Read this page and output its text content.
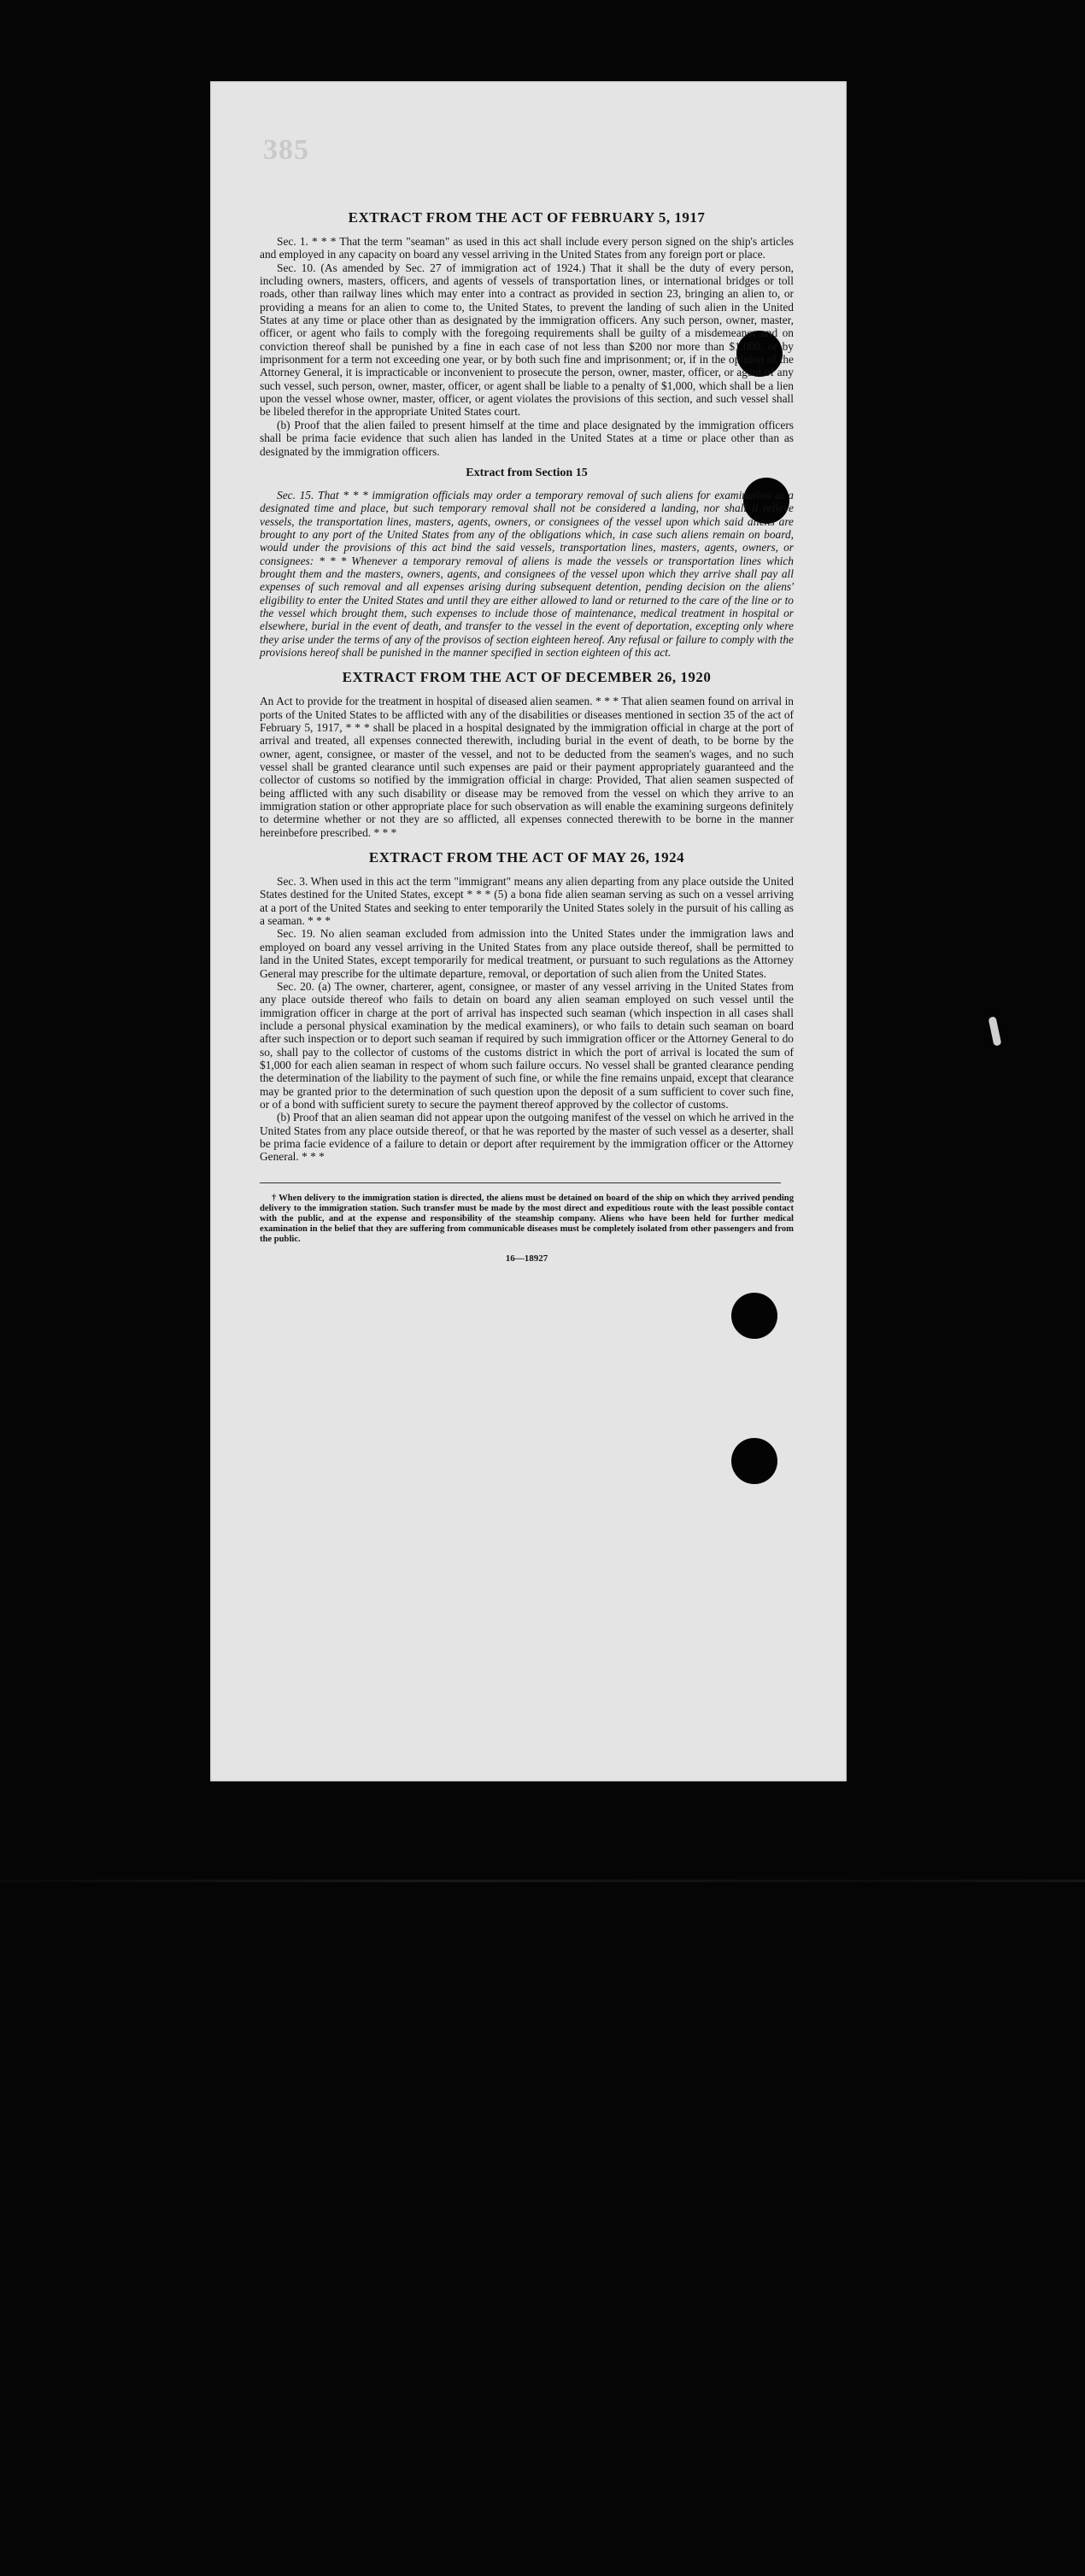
385
EXTRACT FROM THE ACT OF FEBRUARY 5, 1917

Sec. 1. * * * That the term "seaman" as used in this act shall include every person signed on the ship's articles and employed in any capacity on board any vessel arriving in the United States from any foreign port or place.

Sec. 10. (As amended by Sec. 27 of immigration act of 1924.) That it shall be the duty of every person, including owners, masters, officers, and agents of vessels of transportation lines, or international bridges or toll roads, other than railway lines which may enter into a contract as provided in section 23, bringing an alien to, or providing a means for an alien to come to, the United States, to prevent the landing of such alien in the United States at any time or place other than as designated by the immigration officers. Any such person, owner, master, officer, or agent who fails to comply with the foregoing requirements shall be guilty of a misdemeanor and on conviction thereof shall be punished by a fine in each case of not less than $200 nor more than $1,000, or by imprisonment for a term not exceeding one year, or by both such fine and imprisonment; or, if in the opinion of the Attorney General, it is impracticable or inconvenient to prosecute the person, owner, master, officer, or agent of any such vessel, such person, owner, master, officer, or agent shall be liable to a penalty of $1,000, which shall be a lien upon the vessel whose owner, master, officer, or agent violates the provisions of this section, and such vessel shall be libeled therefor in the appropriate United States court.

(b) Proof that the alien failed to present himself at the time and place designated by the immigration officers shall be prima facie evidence that such alien has landed in the United States at a time or place other than as designated by the immigration officers.

Extract from Section 15

Sec. 15. That * * * immigration officials may order a temporary removal of such aliens for examination at a designated time and place, but such temporary removal shall not be considered a landing, nor shall it relieve vessels, the transportation lines, masters, agents, owners, or consignees of the vessel upon which said aliens are brought to any port of the United States from any of the obligations which, in case such aliens remain on board, would under the provisions of this act bind the said vessels, transportation lines, masters, agents, owners, or consignees: * * * Whenever a temporary removal of aliens is made the vessels or transportation lines which brought them and the masters, owners, agents, and consignees of the vessel upon which they arrive shall pay all expenses of such removal and all expenses arising during subsequent detention, pending decision on the aliens' eligibility to enter the United States and until they are either allowed to land or returned to the care of the line or to the vessel which brought them, such expenses to include those of maintenance, medical treatment in hospital or elsewhere, burial in the event of death, and transfer to the vessel in the event of deportation, excepting only where they arise under the terms of any of the provisos of section eighteen hereof. Any refusal or failure to comply with the provisions hereof shall be punished in the manner specified in section eighteen of this act.

EXTRACT FROM THE ACT OF DECEMBER 26, 1920

An Act to provide for the treatment in hospital of diseased alien seamen. * * * That alien seamen found on arrival in ports of the United States to be afflicted with any of the disabilities or diseases mentioned in section 35 of the act of February 5, 1917, * * * shall be placed in a hospital designated by the immigration official in charge at the port of arrival and treated, all expenses connected therewith, including burial in the event of death, to be borne by the owner, agent, consignee, or master of the vessel, and not to be deducted from the seamen's wages, and no such vessel shall be granted clearance until such expenses are paid or their payment appropriately guaranteed and the collector of customs so notified by the immigration official in charge: Provided, That alien seamen suspected of being afflicted with any such disability or disease may be removed from the vessel on which they arrive to an immigration station or other appropriate place for such observation as will enable the examining surgeons definitely to determine whether or not they are so afflicted, all expenses connected therewith to be borne in the manner hereinbefore prescribed. * * *

EXTRACT FROM THE ACT OF MAY 26, 1924

Sec. 3. When used in this act the term "immigrant" means any alien departing from any place outside the United States destined for the United States, except * * * (5) a bona fide alien seaman serving as such on a vessel arriving at a port of the United States and seeking to enter temporarily the United States solely in the pursuit of his calling as a seaman. * * *

Sec. 19. No alien seaman excluded from admission into the United States under the immigration laws and employed on board any vessel arriving in the United States from any place outside thereof, shall be permitted to land in the United States, except temporarily for medical treatment, or pursuant to such regulations as the Attorney General may prescribe for the ultimate departure, removal, or deportation of such alien from the United States.

Sec. 20. (a) The owner, charterer, agent, consignee, or master of any vessel arriving in the United States from any place outside thereof who fails to detain on board any alien seaman employed on such vessel until the immigration officer in charge at the port of arrival has inspected such seaman (which inspection in all cases shall include a personal physical examination by the medical examiners), or who fails to detain such seaman on board after such inspection or to deport such seaman if required by such immigration officer or the Attorney General to do so, shall pay to the collector of customs of the customs district in which the port of arrival is located the sum of $1,000 for each alien seaman in respect of whom such failure occurs. No vessel shall be granted clearance pending the determination of the liability to the payment of such fine, or while the fine remains unpaid, except that clearance may be granted prior to the determination of such question upon the deposit of a sum sufficient to cover such fine, or of a bond with sufficient surety to secure the payment thereof approved by the collector of customs.

(b) Proof that an alien seaman did not appear upon the outgoing manifest of the vessel on which he arrived in the United States from any place outside thereof, or that he was reported by the master of such vessel as a deserter, shall be prima facie evidence of a failure to detain or deport after requirement by the immigration officer or the Attorney General. * * *

† When delivery to the immigration station is directed, the aliens must be detained on board of the ship on which they arrived pending delivery to the immigration station. Such transfer must be made by the most direct and expeditious route with the least possible contact with the public, and at the expense and responsibility of the steamship company. Aliens who have been held for further medical examination in the belief that they are suffering from communicable diseases must be completely isolated from other passengers and from the public.

16—18927
